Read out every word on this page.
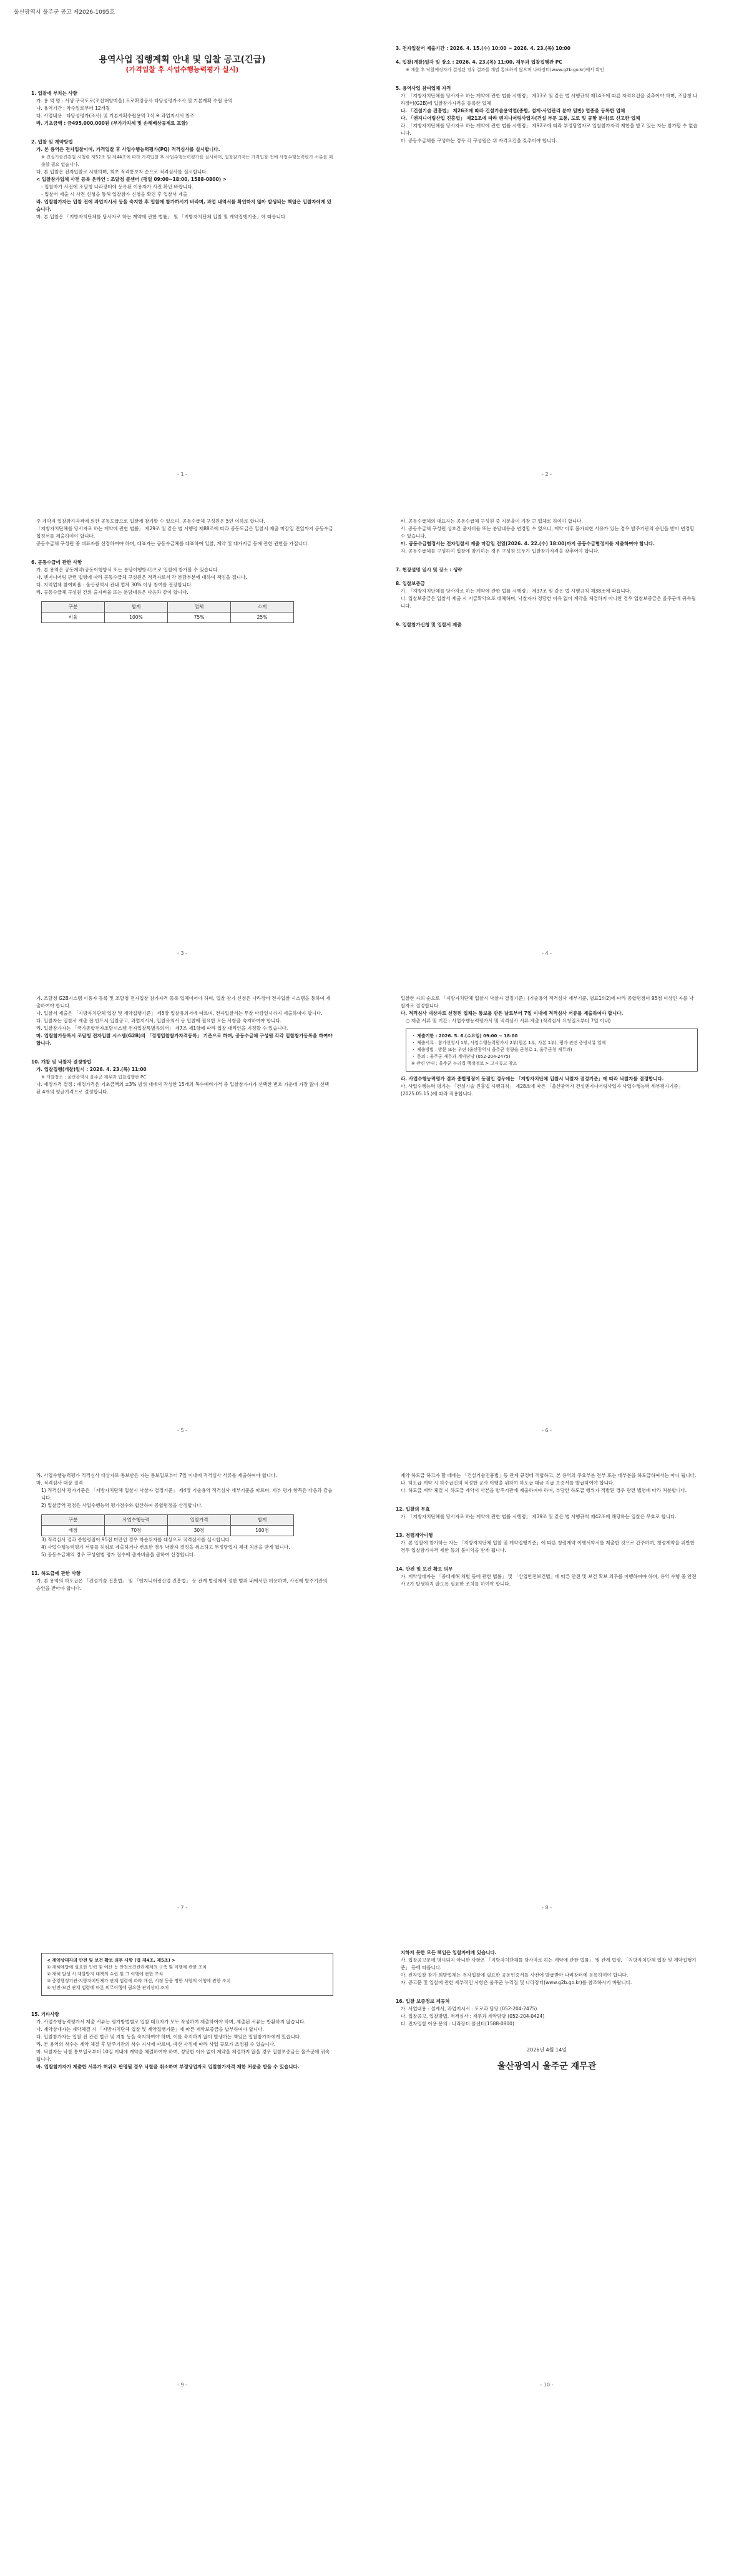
울산광역시 울주군 공고 제2026-1095호
용역사업 집행계획 안내 및 입찰 공고(긴급)
(가격입찰 후 사업수행능력평가 실시)
1. 입찰에 부치는 사항
가. 용 역 명 : 서생 구곡도로(조선해양마을) 도로확장공사 타당성평가조사 및 기본계획 수립 용역
나. 용역기간 : 착수일로부터 12개월
다. 사업내용 : 타당성평가(조사) 및 기본계획수립용역 1식 ※ 과업지시서 참조
라. 기초금액 : 금495,000,000원 (부가가치세 및 손해배상공제료 포함)
2. 입찰 및 계약방법
가. 본 용역은 전자입찰이며, 가격입찰 후 사업수행능력평가(PQ) 적격심사를 실시합니다.
※ 건설기술진흥법 시행령 제52조 및 제44조에 따라 가격입찰 후 사업수행능력평가를 실시하며, 입찰참가자는 가격입찰 전에 사업수행능력평가 서류를 제출할 필요 없습니다.
다. 본 입찰은 전자입찰로 시행하며, 최초 적격통보자 순으로 적격심사를 실시합니다.
< 입찰참가업체 사전 등록 온라인 : 조달청 콜센터 (평일 09:00~18:00, 1588-0800) >
- 입찰자가 사전에 조달청 나라장터에 등록된 이용자가 사전 확인 바랍니다.
- 입찰서 제출 시 사전 신청을 통해 입찰참가 신청을 확인 후 입찰서 제출
라. 입찰참가자는 입찰 전에 과업지시서 등을 숙지한 후 입찰에 참가하시기 바라며, 과업 내역서를 확인하지 않아 발생되는 책임은 입찰자에게 있습니다.
마. 본 입찰은 「지방자치단체를 당사자로 하는 계약에 관한 법률」 및 「지방자치단체 입찰 및 계약집행기준」에 따릅니다.
- 1 -
3. 전자입찰서 제출기간 : 2026. 4. 15.(수) 10:00 ~ 2026. 4. 23.(목) 10:00
4. 입찰(개찰)일자 및 장소 : 2026. 4. 23.(목) 11:00, 재무과 입찰집행관 PC
※ 개찰 후 낙찰예정자가 결정된 경우 결과를 개별 통보하지 않으며 나라장터(www.g2b.go.kr)에서 확인
5. 용역사업 참여업체 자격
가. 「지방자치단체를 당사자로 하는 계약에 관한 법률 시행령」 제13조 및 같은 법 시행규칙 제14조에 따른 자격요건을 갖추어야 하며, 조달청 나라장터(G2B)에 입찰참가자격을 등록한 업체
나. 「건설기술 진흥법」 제26조에 따라 건설기술용역업(종합, 설계·사업관리 분야 일반) 업종을 등록한 업체
다. 「엔지니어링산업 진흥법」 제21조에 따라 엔지니어링사업자(건설 부문 교통, 도로 및 공항 분야)로 신고한 업체
라. 「지방자치단체를 당사자로 하는 계약에 관한 법률 시행령」 제92조에 따라 부정당업자로 입찰참가자격 제한을 받고 있는 자는 참가할 수 없습니다.
마. 공동수급체를 구성하는 경우 각 구성원은 위 자격요건을 갖추어야 합니다.
- 2 -
주 계약자 입찰참가자격에 의한 공동도급으로 입찰에 참가할 수 있으며, 공동수급체 구성원은 5인 이하로 합니다.
「지방자치단체를 당사자로 하는 계약에 관한 법률」 제29조 및 같은 법 시행령 제88조에 따라 공동도급은 입찰서 제출 마감일 전일까지 공동수급협정서를 제출하여야 합니다.
공동수급체 구성원 중 대표자를 선정하여야 하며, 대표자는 공동수급체를 대표하여 입찰, 계약 및 대가지급 등에 관한 권한을 가집니다.
6. 공동수급에 관한 사항
가. 본 용역은 공동계약(공동이행방식 또는 분담이행방식)으로 입찰에 참가할 수 있습니다.
나. 엔지니어링 관련 법령에 따라 공동수급체 구성원은 적격자로서 각 분담부분에 대하여 책임을 집니다.
다. 지역업체 참여비율 : 울산광역시 관내 업체 30% 이상 참여를 권장합니다.
라. 공동수급체 구성원 간의 출자비율 또는 분담내용은 다음과 같이 합니다.
구분	합계	업체	소계
비율	100%	75%	25%
- 3 -
바. 공동수급체의 대표자는 공동수급체 구성원 중 지분율이 가장 큰 업체로 하여야 합니다.
사. 공동수급체 구성원 상호간 출자비율 또는 분담내용을 변경할 수 없으나, 계약 이후 불가피한 사유가 있는 경우 발주기관의 승인을 받아 변경할 수 있습니다.
아. 공동수급협정서는 전자입찰서 제출 마감일 전일(2026. 4. 22.(수) 18:00)까지 공동수급협정서를 제출하여야 합니다.
자. 공동수급체를 구성하여 입찰에 참가하는 경우 구성원 모두가 입찰참가자격을 갖추어야 합니다.
7. 현장설명 일시 및 장소 : 생략
8. 입찰보증금
가. 「지방자치단체를 당사자로 하는 계약에 관한 법률 시행령」 제37조 및 같은 법 시행규칙 제38조에 따릅니다.
나. 입찰보증금은 입찰서 제출 시 지급확약으로 대체하며, 낙찰자가 정당한 이유 없이 계약을 체결하지 아니한 경우 입찰보증금은 울주군에 귀속됩니다.
9. 입찰참가신청 및 입찰서 제출
- 4 -
가. 조달청 G2B시스템 이용자 등록 및 조달청 전자입찰 참가자격 등록 업체이어야 하며, 입찰 참가 신청은 나라장터 전자입찰 시스템을 통하여 제출하여야 합니다.
나. 입찰서 제출은 「지방자치단체 입찰 및 계약집행기준」 제5장 입찰유의서에 따르며, 전자입찰서는 투찰 마감일시까지 제출하여야 합니다.
다. 입찰자는 입찰서 제출 전 반드시 입찰공고, 과업지시서, 입찰유의서 등 입찰에 필요한 모든 사항을 숙지하여야 합니다.
라. 입찰참가자는 「국가종합전자조달시스템 전자입찰특별유의서」 제7조 제1항에 따라 입찰 대리인을 지정할 수 있습니다.
마. 입찰참가등록시 조달청 전자입찰 시스템(G2B)의 「경쟁입찰참가자격등록」 기준으로 하며, 공동수급체 구성원 각각 입찰참가등록을 하여야 합니다.
10. 개찰 및 낙찰자 결정방법
가. 입찰집행(개찰)일시 : 2026. 4. 23.(목) 11:00
※ 개찰장소 : 울산광역시 울주군 재무과 입찰집행관 PC
나. 예정가격 결정 : 예정가격은 기초금액의 ±3% 범위 내에서 작성한 15개의 복수예비가격 중 입찰참가자가 선택한 번호 가운데 가장 많이 선택된 4개의 평균가격으로 결정합니다.
- 5 -
입찰한 자의 순으로 「지방자치단체 입찰시 낙찰자 결정기준」(기술용역 적격심사 세부기준, 별표1의2)에 따라 종합평점이 95점 이상인 자를 낙찰자로 결정합니다.
다. 적격심사 대상자로 선정된 업체는 통보를 받은 날로부터 7일 이내에 적격심사 서류를 제출하여야 합니다.
○ 제출 서류 및 기간 : 사업수행능력평가서 및 적격심사 서류 제출 (적격심사 요청일로부터 7일 이내)
ㆍ 제출기한 : 2026. 5. 6.(수요일) 09:00 ~ 18:00
ㆍ 제출서류 : 참가신청서 1부, 사업수행능력평가서 2부(원본 1부, 사본 1부), 평가 관련 증빙서류 일체
ㆍ 제출방법 : 방문 또는 우편 (울산광역시 울주군 청량읍 군청로 1, 울주군청 재무과)
ㆍ 문의 : 울주군 재무과 계약담당 (052-204-2475)
※ 관련 안내 : 울주군 누리집 행정정보 > 고시공고 참조
라. 사업수행능력평가 결과 종합평점이 동점인 경우에는 「지방자치단체 입찰시 낙찰자 결정기준」에 따라 낙찰자를 결정합니다.
마. 사업수행능력 평가는 「건설기술 진흥법 시행규칙」 제28조에 따른 「울산광역시 건설엔지니어링사업자 사업수행능력 세부평가기준」(2025.05.15.)에 따라 적용합니다.
- 6 -
라. 사업수행능력평가 적격심사 대상자로 통보받은 자는 통보일로부터 7일 이내에 적격심사 서류를 제출하여야 합니다.
마. 적격심사 대상 결격
1) 적격심사 평가기준은 「지방자치단체 입찰시 낙찰자 결정기준」 제4장 기술용역 적격심사 세부기준을 따르며, 세부 평가 항목은 다음과 같습니다.
2) 입찰금액 평점은 사업수행능력 평가점수와 합산하여 종합평점을 산정합니다.
구분	사업수행능력	입찰가격	합계
배점	70점	30점	100점
3) 적격심사 결과 종합평점이 95점 미만인 경우 차순위자를 대상으로 적격심사를 실시합니다.
4) 사업수행능력평가 서류를 허위로 제출하거나 변조한 경우 낙찰자 결정을 취소하고 부정당업자 제재 처분을 받게 됩니다.
5) 공동수급체의 경우 구성원별 평가 점수에 출자비율을 곱하여 산정합니다.
11. 하도급에 관한 사항
가. 본 용역의 하도급은 「건설기술 진흥법」 및 「엔지니어링산업 진흥법」 등 관계 법령에서 정한 범위 내에서만 허용하며, 사전에 발주기관의 승인을 받아야 합니다.
- 7 -
계약 하도급 하고자 할 때에는 「건설기술진흥법」등 관계 규정에 적합하고, 본 용역의 주요부분 전부 또는 대부분을 하도급하여서는 아니 됩니다.
나. 하도급 계약 시 하수급인의 적정한 공사 이행을 위하여 하도급 대금 지급 보증서를 발급하여야 합니다.
다. 하도급 계약 체결 시 하도급 계약서 사본을 발주기관에 제출하여야 하며, 부당한 하도급 행위가 적발된 경우 관련 법령에 따라 처분합니다.
12. 입찰의 무효
가. 「지방자치단체를 당사자로 하는 계약에 관한 법률 시행령」 제39조 및 같은 법 시행규칙 제42조에 해당하는 입찰은 무효로 합니다.
13. 청렴계약이행
가. 본 입찰에 참가하는 자는 「지방자치단체 입찰 및 계약집행기준」에 따른 청렴계약 이행서약서를 제출한 것으로 간주하며, 청렴계약을 위반한 경우 입찰참가자격 제한 등의 불이익을 받게 됩니다.
14. 안전 및 보건 확보 의무
가. 계약상대자는 「중대재해 처벌 등에 관한 법률」 및 「산업안전보건법」에 따른 안전 및 보건 확보 의무를 이행하여야 하며, 용역 수행 중 안전사고가 발생하지 않도록 필요한 조치를 하여야 합니다.
- 8 -
< 계약상대자의 안전 및 보건 확보 의무 사항 (법 제4조, 제5조) >
① 재해예방에 필요한 인력 및 예산 등 안전보건관리체계의 구축 및 이행에 관한 조치
② 재해 발생 시 재발방지 대책의 수립 및 그 이행에 관한 조치
③ 중앙행정기관·지방자치단체가 관계 법령에 따라 개선, 시정 등을 명한 사항의 이행에 관한 조치
④ 안전·보건 관계 법령에 따른 의무이행에 필요한 관리상의 조치
15. 기타사항
가. 사업수행능력평가서 제출 서류는 평가방법별로 입찰 대표자가 모두 작성하여 제출하여야 하며, 제출된 서류는 반환하지 않습니다.
나. 계약상대자는 계약체결 시 「지방자치단체 입찰 및 계약집행기준」에 따른 계약보증금을 납부하여야 합니다.
다. 입찰참가자는 입찰 전 관련 법규 및 지침 등을 숙지하여야 하며, 이를 숙지하지 않아 발생하는 책임은 입찰참가자에게 있습니다.
라. 본 용역의 착수는 계약 체결 후 발주기관의 착수 지시에 따르며, 예산 사정에 따라 사업 규모가 조정될 수 있습니다.
마. 낙찰자는 낙찰 통보일로부터 10일 이내에 계약을 체결하여야 하며, 정당한 이유 없이 계약을 체결하지 않을 경우 입찰보증금은 울주군에 귀속됩니다.
바. 입찰참가자가 제출한 서류가 허위로 판명될 경우 낙찰을 취소하며 부정당업자로 입찰참가자격 제한 처분을 받을 수 있습니다.
- 9 -
지하지 못한 모든 책임은 입찰자에게 있습니다.
사. 입찰공고문에 명시되지 아니한 사항은 「지방자치단체를 당사자로 하는 계약에 관한 법률」 및 관계 법령, 「지방자치단체 입찰 및 계약집행기준」 등에 따릅니다.
아. 전자입찰 참가 희망업체는 전자입찰에 필요한 공동인증서를 사전에 발급받아 나라장터에 등록하여야 합니다.
자. 공고문 및 입찰에 관한 세부적인 사항은 울주군 누리집 및 나라장터(www.g2b.go.kr)를 참조하시기 바랍니다.
16. 입찰 보증정보 제공처
가. 사업내용 : 설계서, 과업지시서 : 도로과 담당 (052-204-2475)
나. 입찰공고, 입찰방법, 적격심사 : 재무과 계약담당 (052-204-0424)
다. 전자입찰 이용 문의 : 나라장터 콜센터(1588-0800)
2026년 4월 14일
울산광역시 울주군 재무관
- 10 -
